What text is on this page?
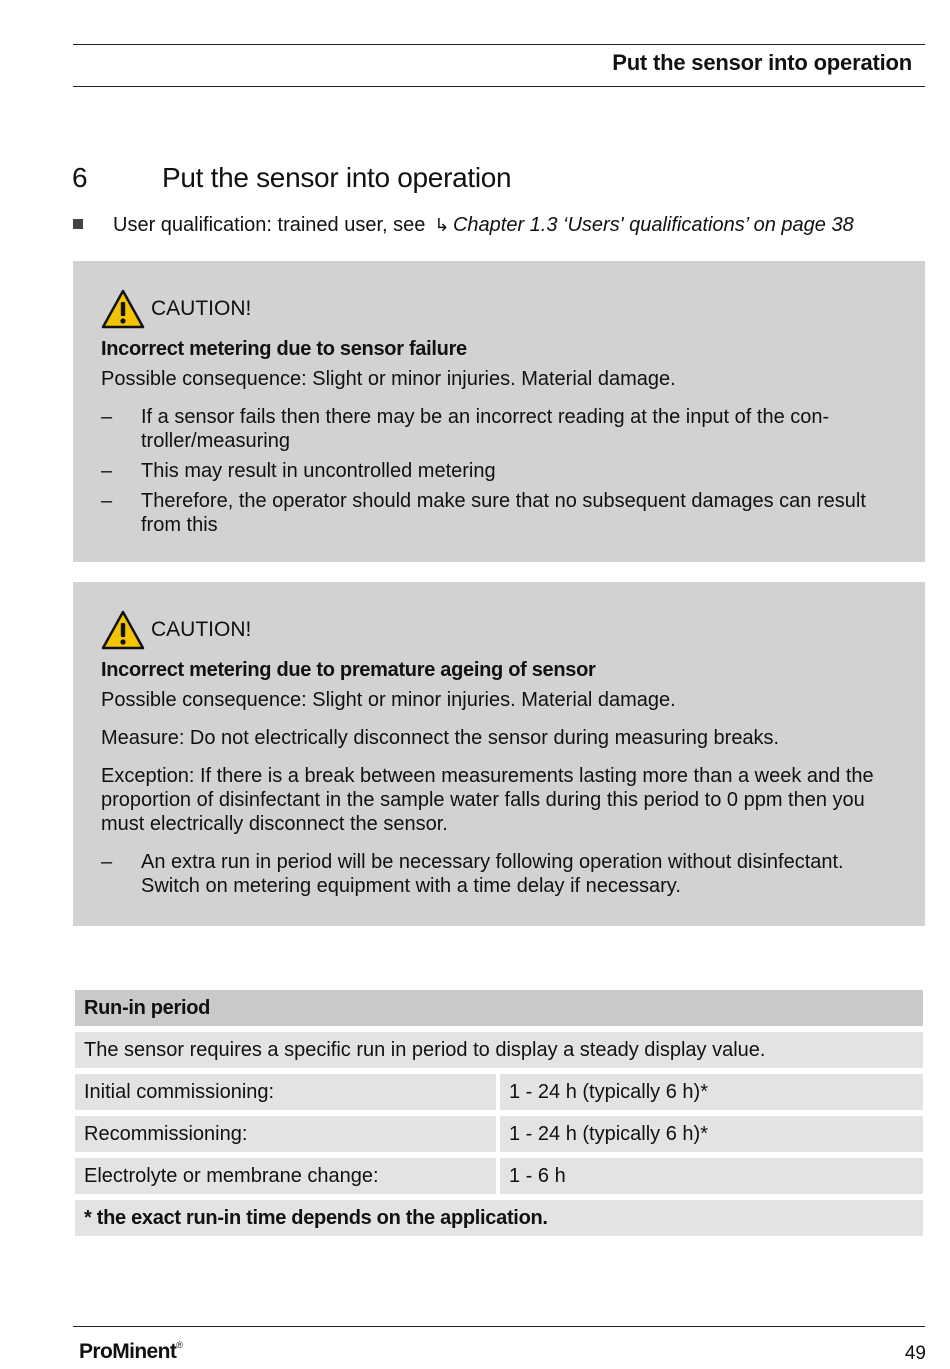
Put the sensor into operation
6	Put the sensor into operation
User qualification: trained user, see ↳ Chapter 1.3 ‘Users' qualifications’ on page 38
CAUTION!
Incorrect metering due to sensor failure
Possible consequence: Slight or minor injuries. Material damage.
– If a sensor fails then there may be an incorrect reading at the input of the con-troller/measuring
– This may result in uncontrolled metering
– Therefore, the operator should make sure that no subsequent damages can result from this
CAUTION!
Incorrect metering due to premature ageing of sensor
Possible consequence: Slight or minor injuries. Material damage.
Measure: Do not electrically disconnect the sensor during measuring breaks.
Exception: If there is a break between measurements lasting more than a week and the proportion of disinfectant in the sample water falls during this period to 0 ppm then you must electrically disconnect the sensor.
– An extra run in period will be necessary following operation without disinfectant. Switch on metering equipment with a time delay if necessary.
Run-in period
The sensor requires a specific run in period to display a steady display value.
Initial commissioning:	1 - 24 h (typically 6 h)*
Recommissioning:	1 - 24 h (typically 6 h)*
Electrolyte or membrane change:	1 - 6 h
* the exact run-in time depends on the application.
ProMinent®	49
